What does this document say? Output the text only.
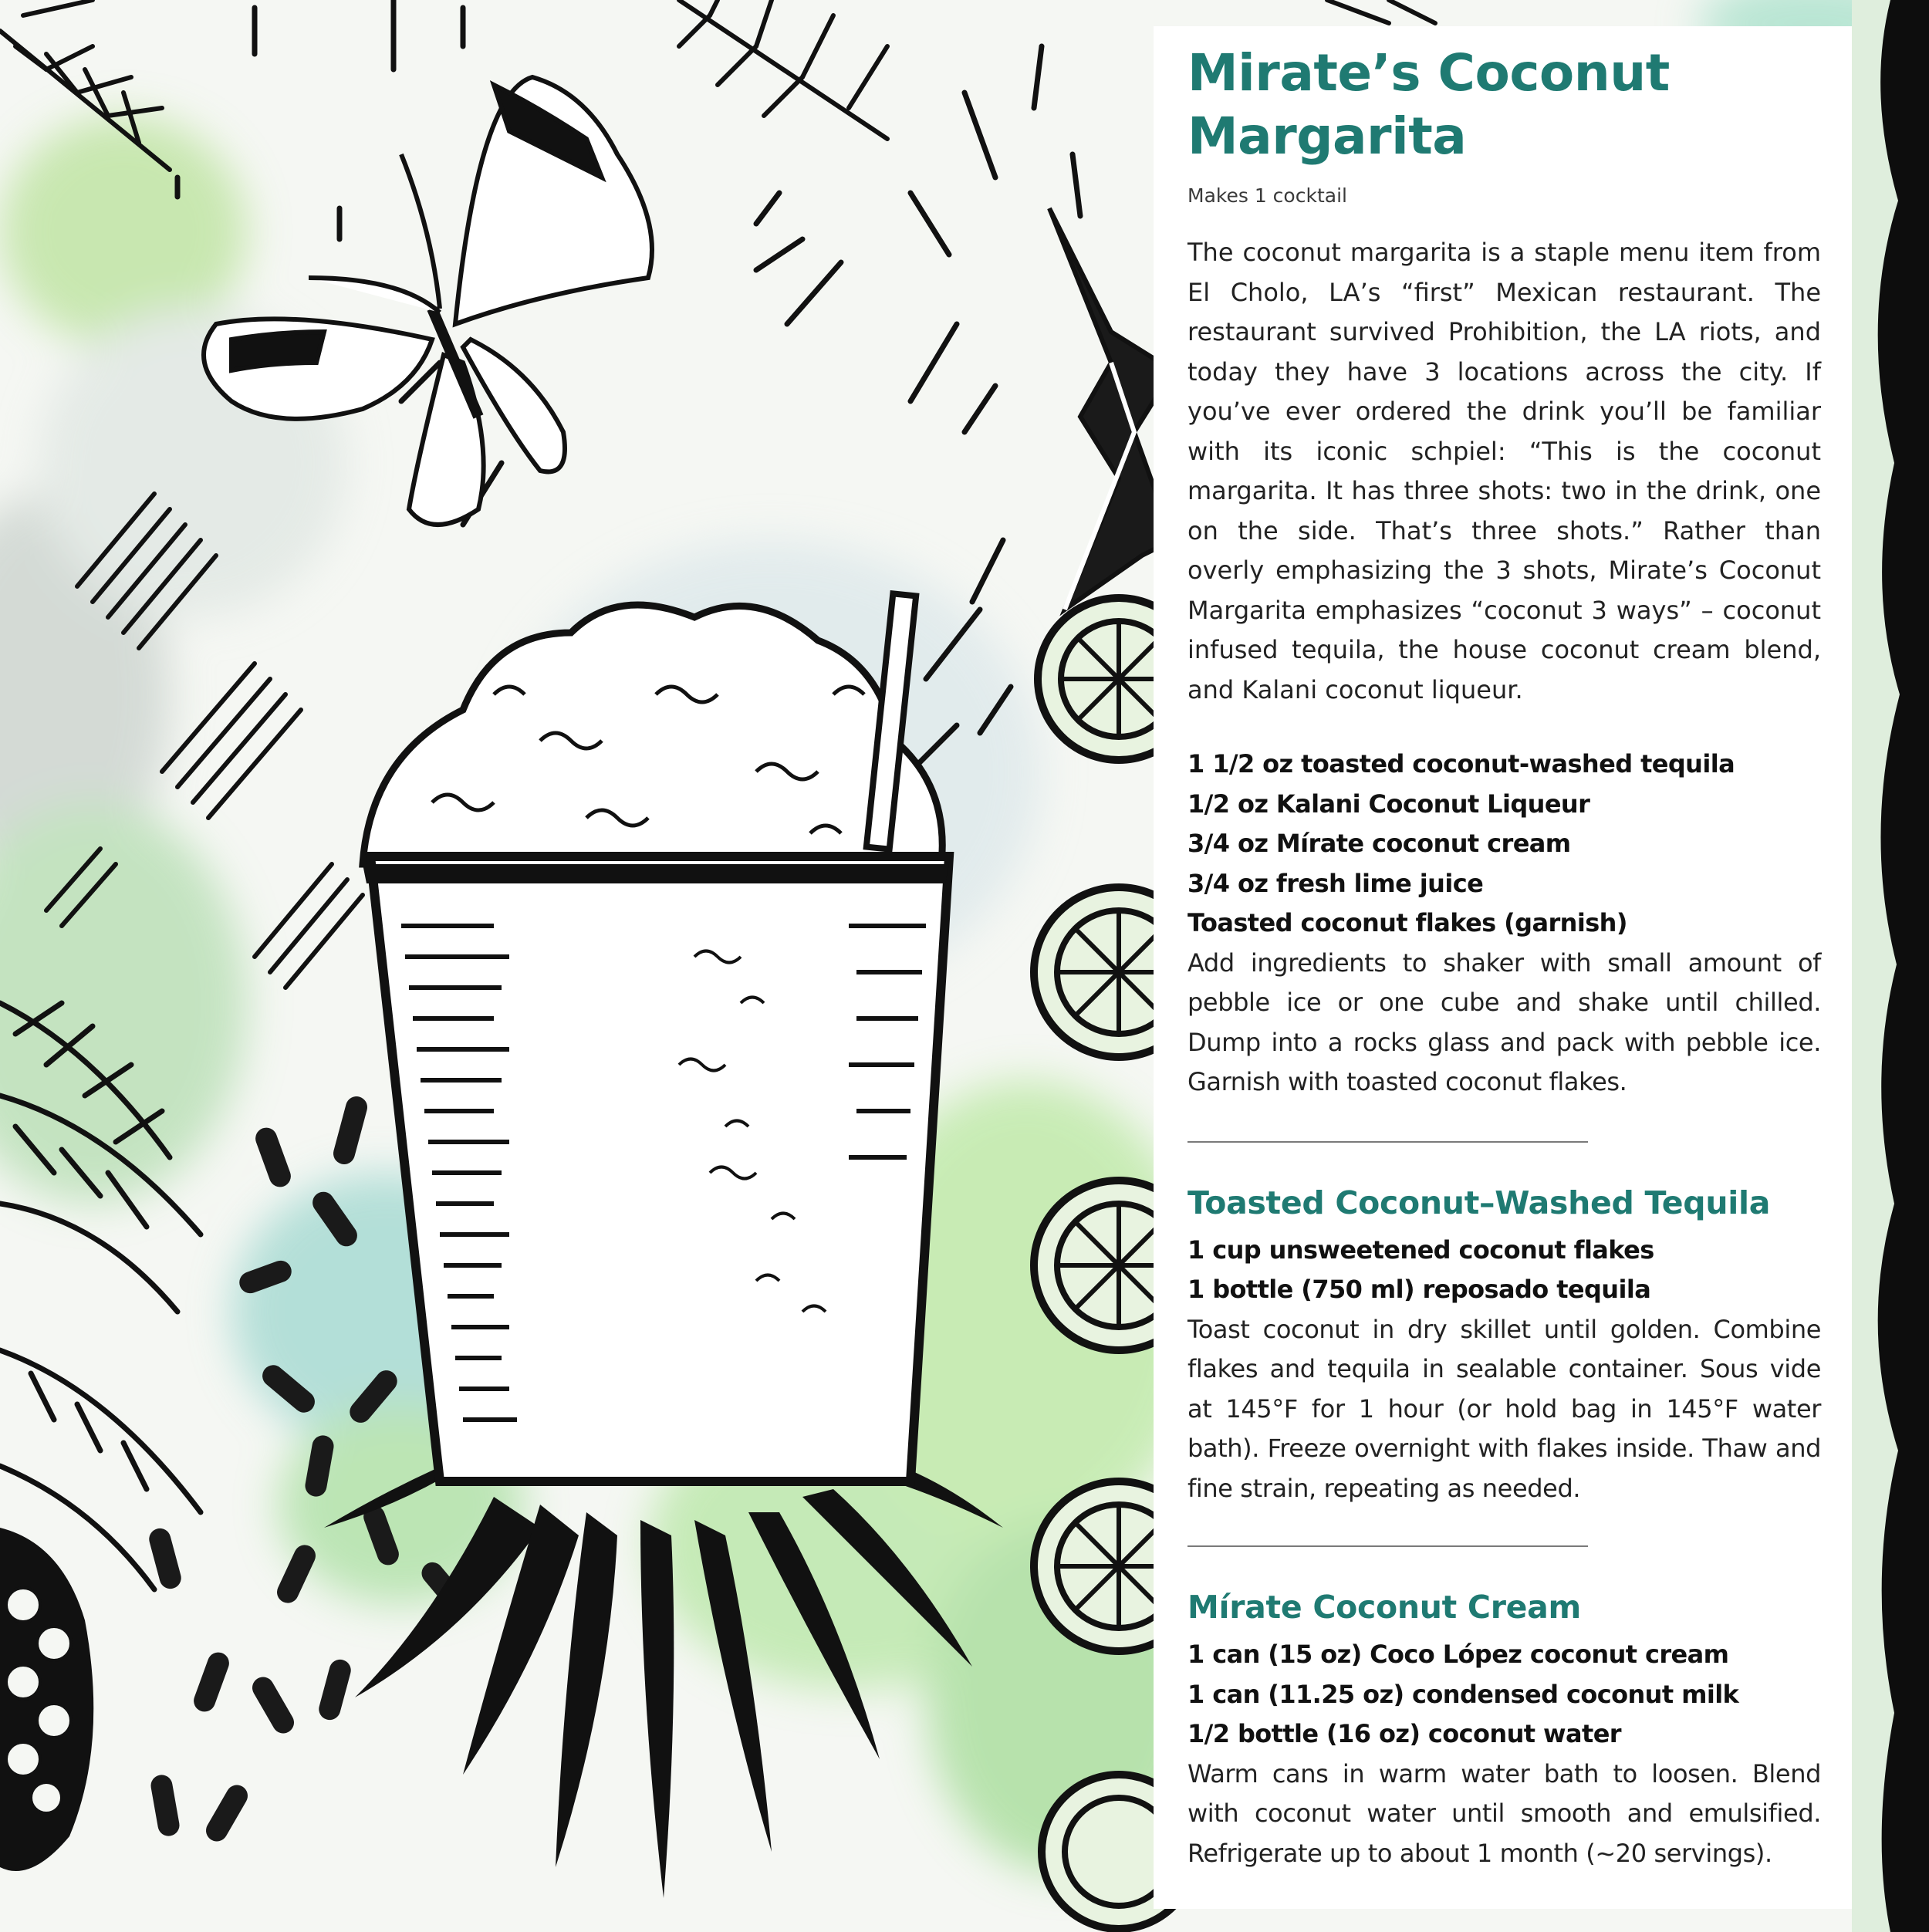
Mirate’s Coconut Margarita
Makes 1 cocktail
The coconut margarita is a staple menu item from El Cholo, LA’s “first” Mexican restaurant. The restaurant survived Prohibition, the LA riots, and today they have 3 locations across the city. If you’ve ever ordered the drink you’ll be familiar with its iconic schpiel: “This is the coconut margarita. It has three shots: two in the drink, one on the side. That’s three shots.” Rather than overly emphasizing the 3 shots, Mirate’s Coconut Margarita emphasizes “coconut 3 ways” – coconut infused tequila, the house coconut cream blend, and Kalani coconut liqueur.
1 1/2 oz toasted coconut-washed tequila
1/2 oz Kalani Coconut Liqueur
3/4 oz Mírate coconut cream
3/4 oz fresh lime juice
Toasted coconut flakes (garnish)
Add ingredients to shaker with small amount of pebble ice or one cube and shake until chilled. Dump into a rocks glass and pack with pebble ice. Garnish with toasted coconut flakes.
Toasted Coconut–Washed Tequila
1 cup unsweetened coconut flakes
1 bottle (750 ml) reposado tequila
Toast coconut in dry skillet until golden. Combine flakes and tequila in sealable container. Sous vide at 145°F for 1 hour (or hold bag in 145°F water bath). Freeze overnight with flakes inside. Thaw and fine strain, repeating as needed.
Mírate Coconut Cream
1 can (15 oz) Coco López coconut cream
1 can (11.25 oz) condensed coconut milk
1/2 bottle (16 oz) coconut water
Warm cans in warm water bath to loosen. Blend with coconut water until smooth and emulsified. Refrigerate up to about 1 month (~20 servings).
